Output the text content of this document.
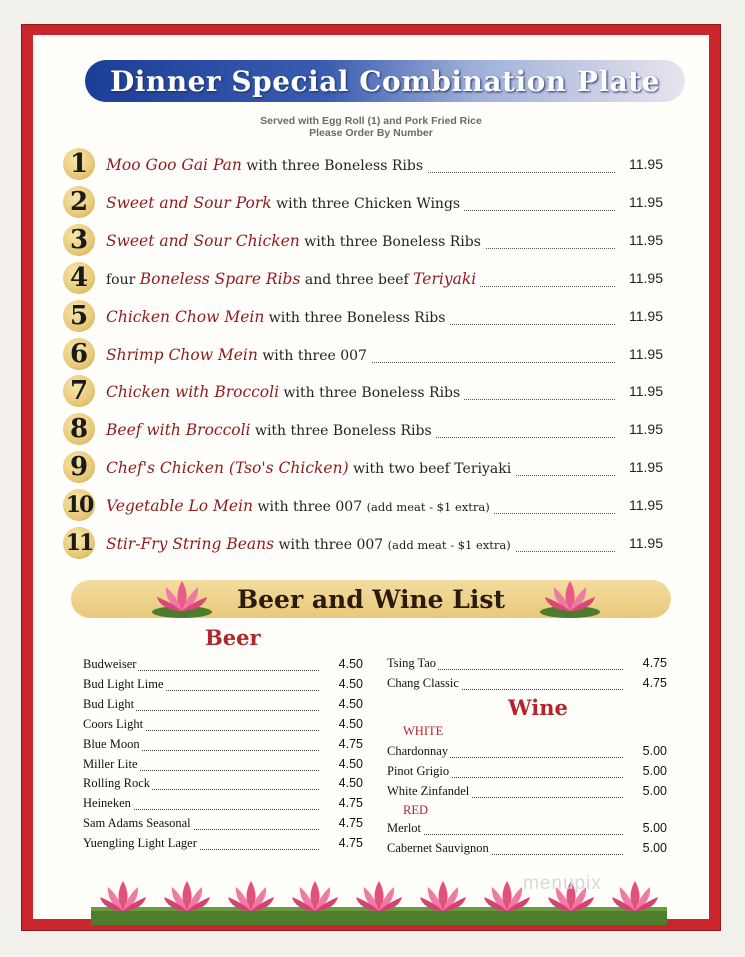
Dinner Special Combination Plate
Served with Egg Roll (1) and Pork Fried Rice
Please Order By Number
1	Moo Goo Gai Pan with three Boneless Ribs	11.95
2	Sweet and Sour Pork with three Chicken Wings	11.95
3	Sweet and Sour Chicken with three Boneless Ribs	11.95
4	four Boneless Spare Ribs and three beef Teriyaki	11.95
5	Chicken Chow Mein with three Boneless Ribs	11.95
6	Shrimp Chow Mein with three 007	11.95
7	Chicken with Broccoli with three Boneless Ribs	11.95
8	Beef with Broccoli with three Boneless Ribs	11.95
9	Chef's Chicken (Tso's Chicken) with two beef Teriyaki	11.95
10 Vegetable Lo Mein with three 007 (add meat - $1 extra)	11.95
11 Stir-Fry String Beans with three 007 (add meat - $1 extra)	11.95
Beer and Wine List
Beer
Budweiser	4.50
Bud Light Lime	4.50
Bud Light	4.50
Coors Light	4.50
Blue Moon	4.75
Miller Lite	4.50
Rolling Rock	4.50
Heineken	4.75
Sam Adams Seasonal	4.75
Yuengling Light Lager	4.75
Tsing Tao	4.75
Chang Classic	4.75
Wine
WHITE
Chardonnay	5.00
Pinot Grigio	5.00
White Zinfandel	5.00
RED
Merlot	5.00
Cabernet Sauvignon	5.00
menupix
